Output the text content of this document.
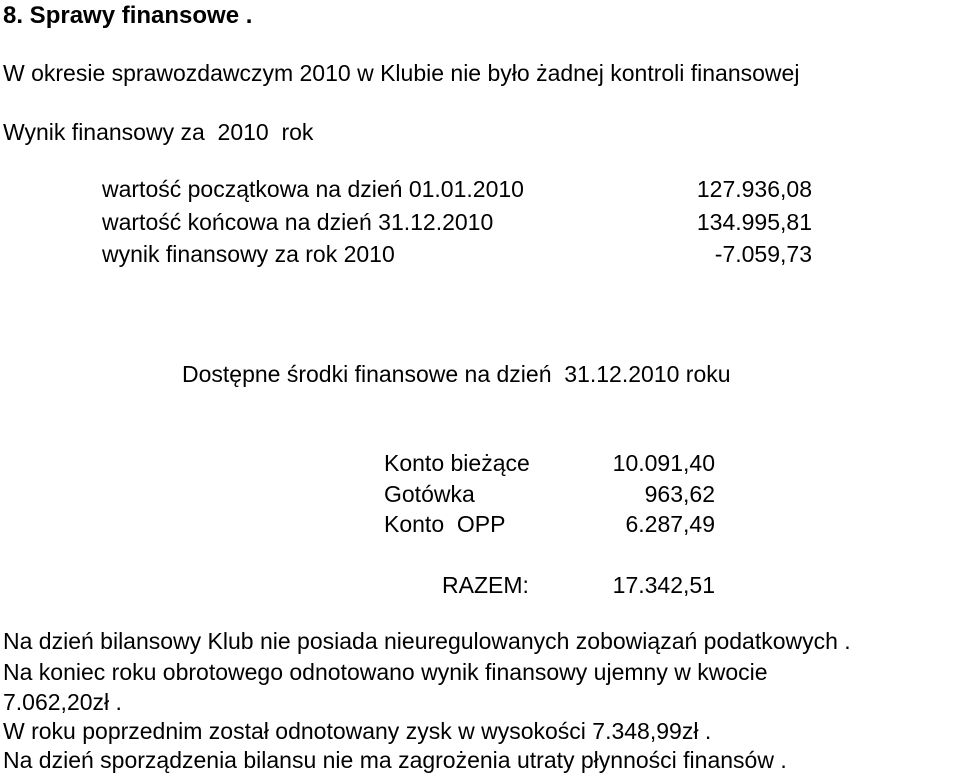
8. Sprawy finansowe .
W okresie sprawozdawczym 2010 w Klubie nie było żadnej kontroli finansowej
Wynik finansowy za  2010  rok
wartość początkowa na dzień 01.01.2010	127.936,08
wartość końcowa na dzień 31.12.2010	134.995,81
wynik finansowy za rok 2010	-7.059,73
Dostępne środki finansowe na dzień  31.12.2010 roku
Konto bieżące	10.091,40
Gotówka	963,62
Konto  OPP	6.287,49
RAZEM:	17.342,51
Na dzień bilansowy Klub nie posiada nieuregulowanych zobowiązań podatkowych .
Na koniec roku obrotowego odnotowano wynik finansowy ujemny w kwocie
7.062,20zł .
W roku poprzednim został odnotowany zysk w wysokości 7.348,99zł .
Na dzień sporządzenia bilansu nie ma zagrożenia utraty płynności finansów .
